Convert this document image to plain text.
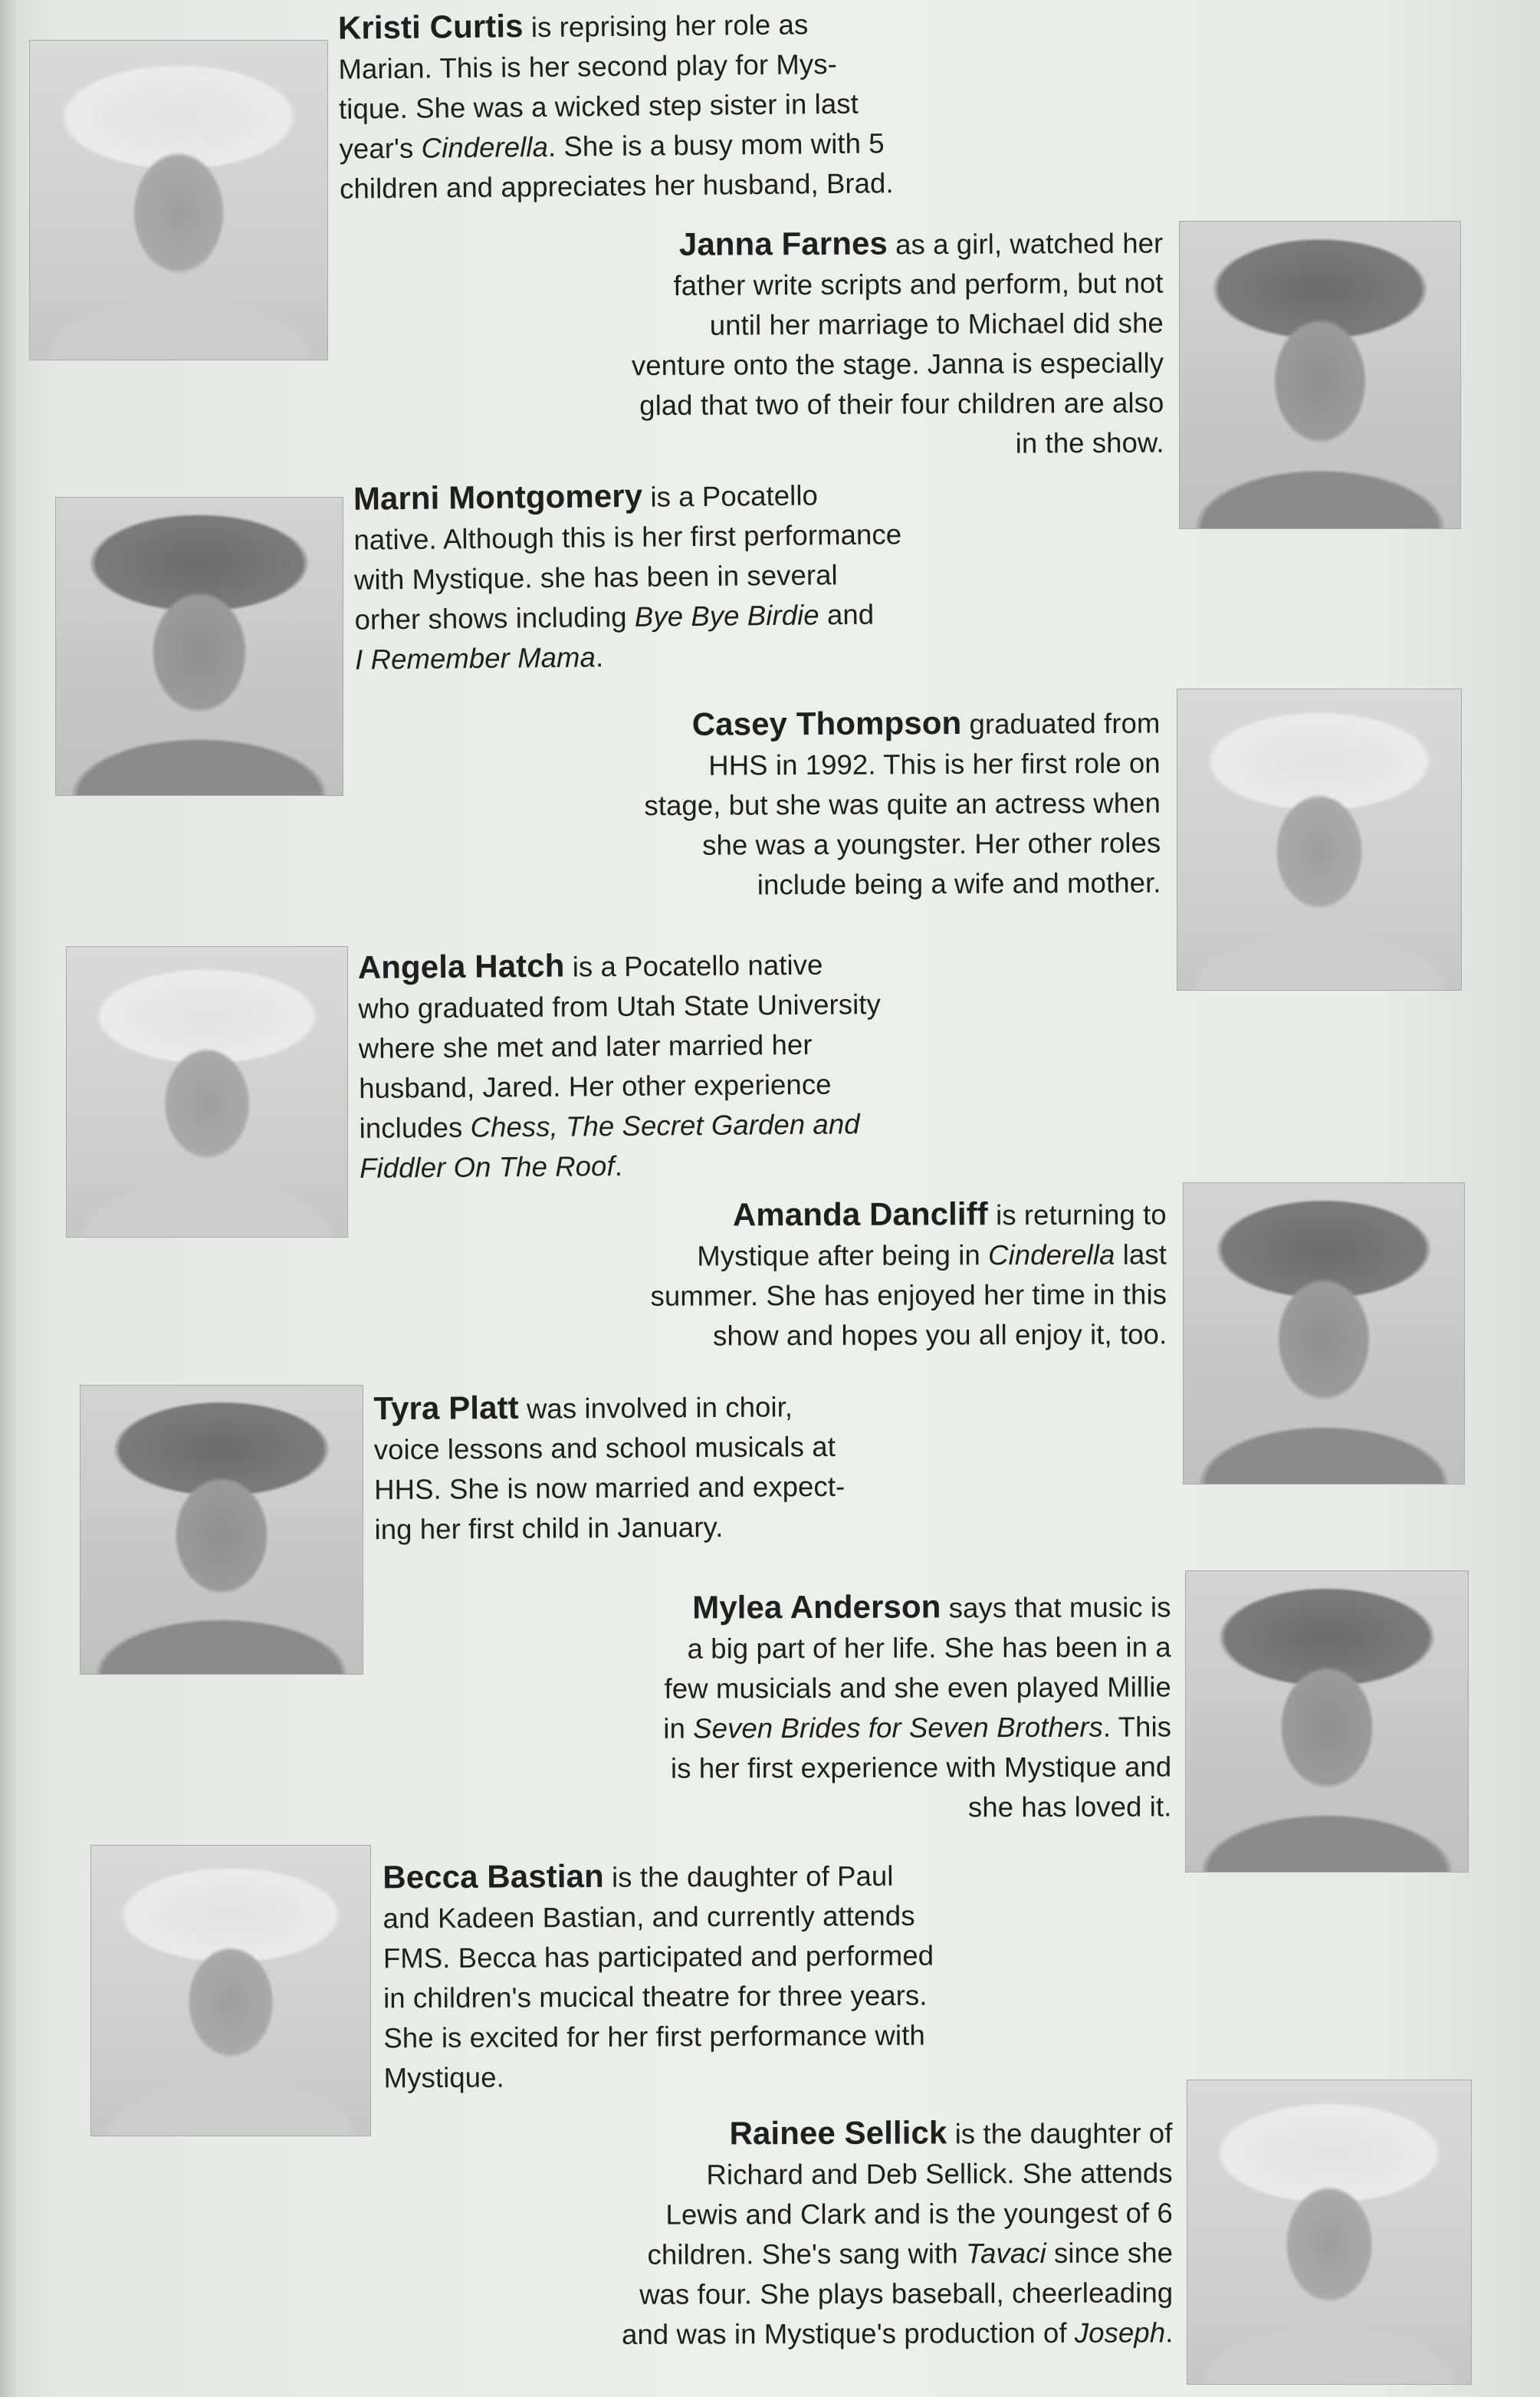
Kristi Curtis is reprising her role as
Marian. This is her second play for Mys-
tique. She was a wicked step sister in last
year's Cinderella. She is a busy mom with 5
children and appreciates her husband, Brad.
Janna Farnes as a girl, watched her
father write scripts and perform, but not
until her marriage to Michael did she
venture onto the stage. Janna is especially
glad that two of their four children are also
in the show.
Marni Montgomery is a Pocatello
native. Although this is her first performance
with Mystique. she has been in several
orher shows including Bye Bye Birdie and
I Remember Mama.
Casey Thompson graduated from
HHS in 1992. This is her first role on
stage, but she was quite an actress when
she was a youngster. Her other roles
include being a wife and mother.
Angela Hatch is a Pocatello native
who graduated from Utah State University
where she met and later married her
husband, Jared. Her other experience
includes Chess, The Secret Garden and
Fiddler On The Roof.
Amanda Dancliff is returning to
Mystique after being in Cinderella last
summer. She has enjoyed her time in this
show and hopes you all enjoy it, too.
Tyra Platt was involved in choir,
voice lessons and school musicals at
HHS. She is now married and expect-
ing her first child in January.
Mylea Anderson says that music is
a big part of her life. She has been in a
few musicials and she even played Millie
in Seven Brides for Seven Brothers. This
is her first experience with Mystique and
she has loved it.
Becca Bastian is the daughter of Paul
and Kadeen Bastian, and currently attends
FMS. Becca has participated and performed
in children's mucical theatre for three years.
She is excited for her first performance with
Mystique.
Rainee Sellick is the daughter of
Richard and Deb Sellick. She attends
Lewis and Clark and is the youngest of 6
children. She's sang with Tavaci since she
was four. She plays baseball, cheerleading
and was in Mystique's production of Joseph.
